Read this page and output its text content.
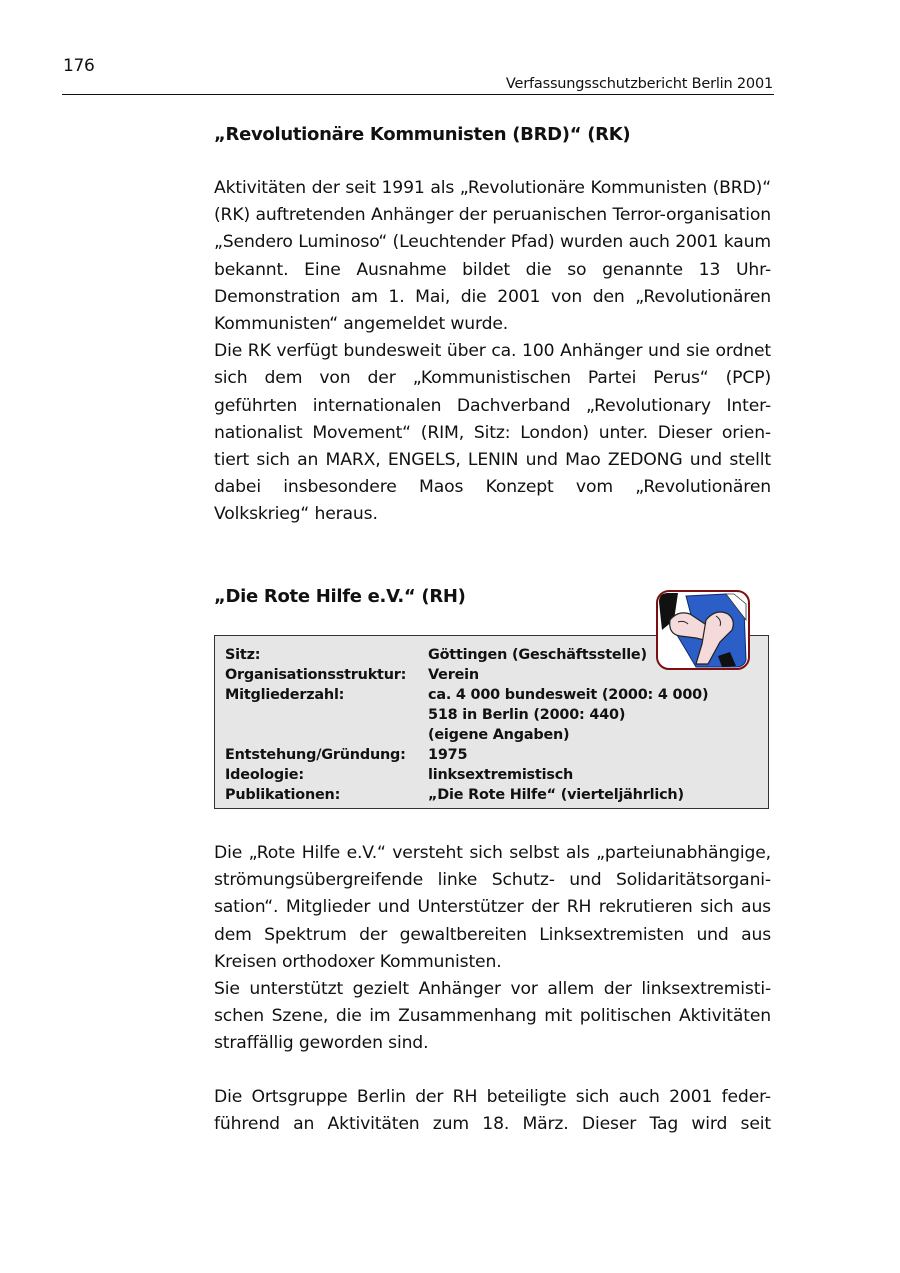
176
Verfassungsschutzbericht Berlin 2001
„Revolutionäre Kommunisten (BRD)“ (RK)

Aktivitäten der seit 1991 als „Revolutionäre Kommunisten (BRD)“ (RK) auftretenden Anhänger der peruanischen Terror-organisation „Sendero Luminoso“ (Leuchtender Pfad) wurden auch 2001 kaum bekannt. Eine Ausnahme bildet die so genannte 13 Uhr- Demonstration am 1. Mai, die 2001 von den „Revolutionären Kommunisten“ angemeldet wurde.

Die RK verfügt bundesweit über ca. 100 Anhänger und sie ordnet sich dem von der „Kommunistischen Partei Perus“ (PCP) geführten internationalen Dachverband „Revolutionary Inter-nationalist Movement“ (RIM, Sitz: London) unter. Dieser orien-tiert sich an MARX, ENGELS, LENIN und Mao ZEDONG und stellt dabei insbesondere Maos Konzept vom „Revolutionären Volkskrieg“ heraus.

„Die Rote Hilfe e.V.“ (RH)
Sitz:	Göttingen (Geschäftsstelle)
Organisationsstruktur:	Verein
Mitgliederzahl:	ca. 4 000 bundesweit (2000: 4 000)
	518 in Berlin (2000: 440)
	(eigene Angaben)
Entstehung/Gründung:	1975
Ideologie:	linksextremistisch
Publikationen:	„Die Rote Hilfe“ (vierteljährlich)

Die „Rote Hilfe e.V.“ versteht sich selbst als „parteiunabhängige, strömungsübergreifende linke Schutz- und Solidaritätsorgani-sation“. Mitglieder und Unterstützer der RH rekrutieren sich aus dem Spektrum der gewaltbereiten Linksextremisten und aus Kreisen orthodoxer Kommunisten.

Sie unterstützt gezielt Anhänger vor allem der linksextremisti-schen Szene, die im Zusammenhang mit politischen Aktivitäten straffällig geworden sind.

Die Ortsgruppe Berlin der RH beteiligte sich auch 2001 feder-führend an Aktivitäten zum 18. März. Dieser Tag wird seit
